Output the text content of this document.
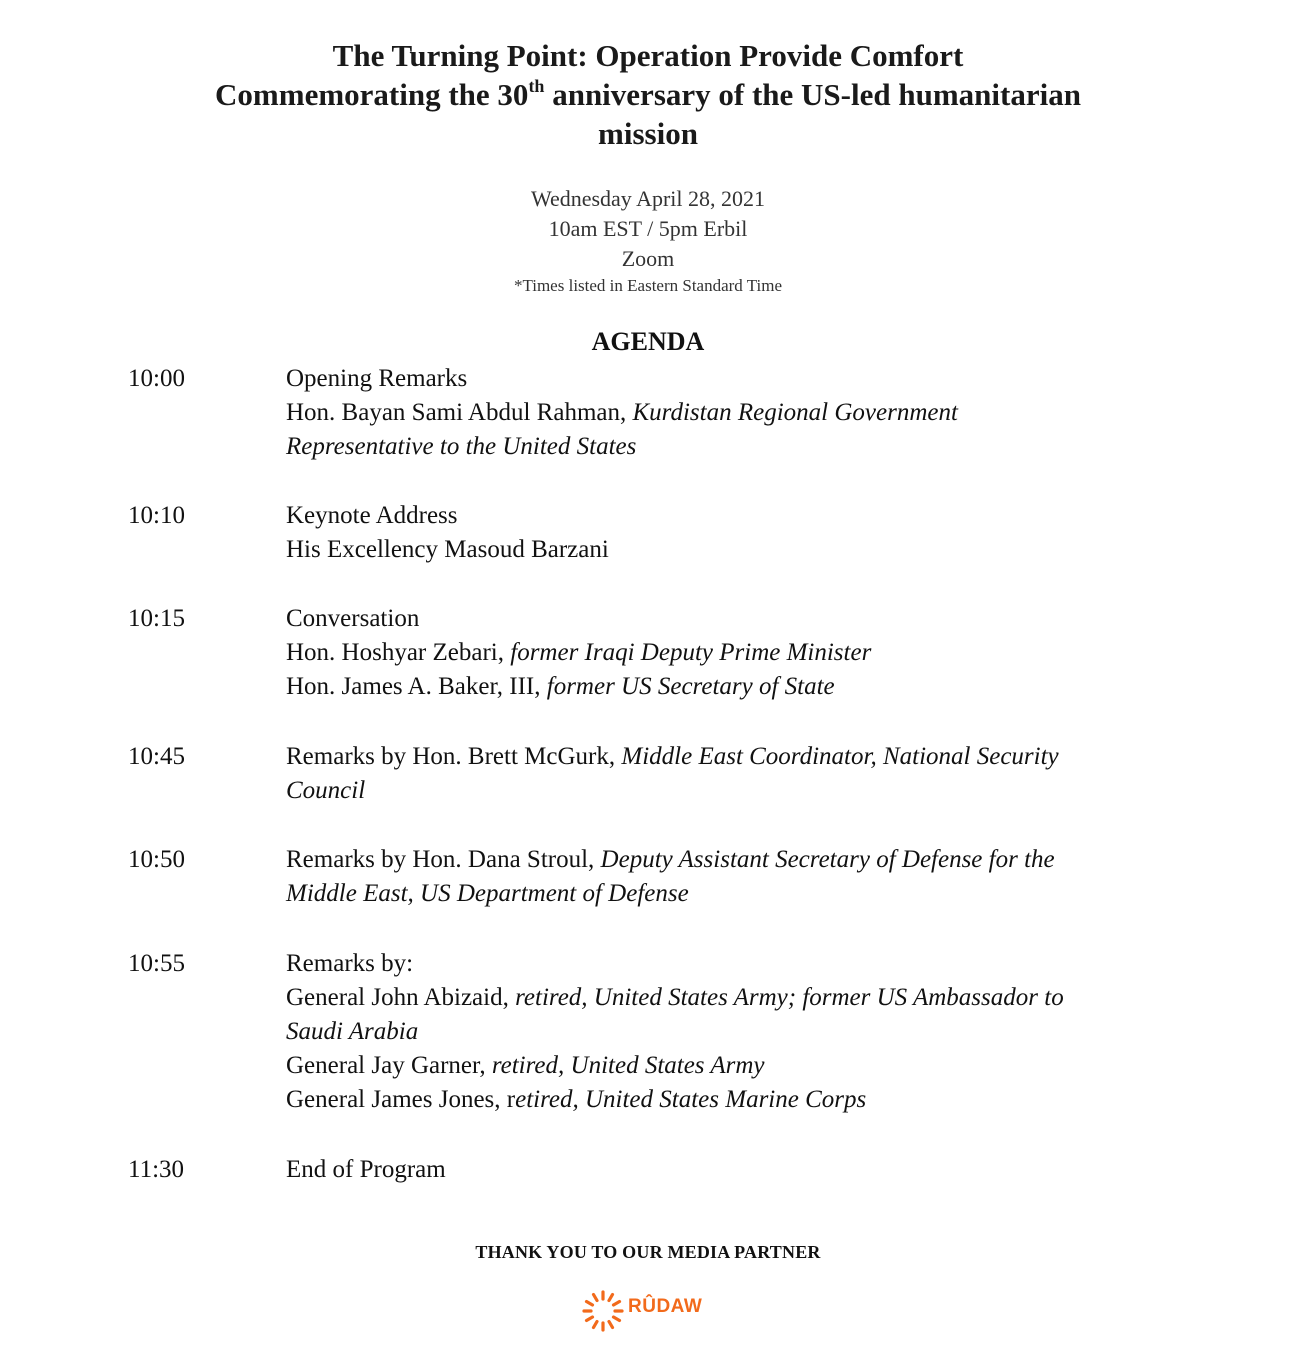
The Turning Point: Operation Provide Comfort
Commemorating the 30th anniversary of the US-led humanitarian
mission
Wednesday April 28, 2021
10am EST / 5pm Erbil
Zoom
*Times listed in Eastern Standard Time
AGENDA
10:00	Opening Remarks
Hon. Bayan Sami Abdul Rahman, Kurdistan Regional Government
Representative to the United States
10:10	Keynote Address
His Excellency Masoud Barzani
10:15	Conversation
Hon. Hoshyar Zebari, former Iraqi Deputy Prime Minister
Hon. James A. Baker, III, former US Secretary of State
10:45	Remarks by Hon. Brett McGurk, Middle East Coordinator, National Security
Council
10:50	Remarks by Hon. Dana Stroul, Deputy Assistant Secretary of Defense for the
Middle East, US Department of Defense
10:55	Remarks by:
General John Abizaid, retired, United States Army; former US Ambassador to
Saudi Arabia
General Jay Garner, retired, United States Army
General James Jones, retired, United States Marine Corps
11:30	End of Program
THANK YOU TO OUR MEDIA PARTNER
RÛDAW
